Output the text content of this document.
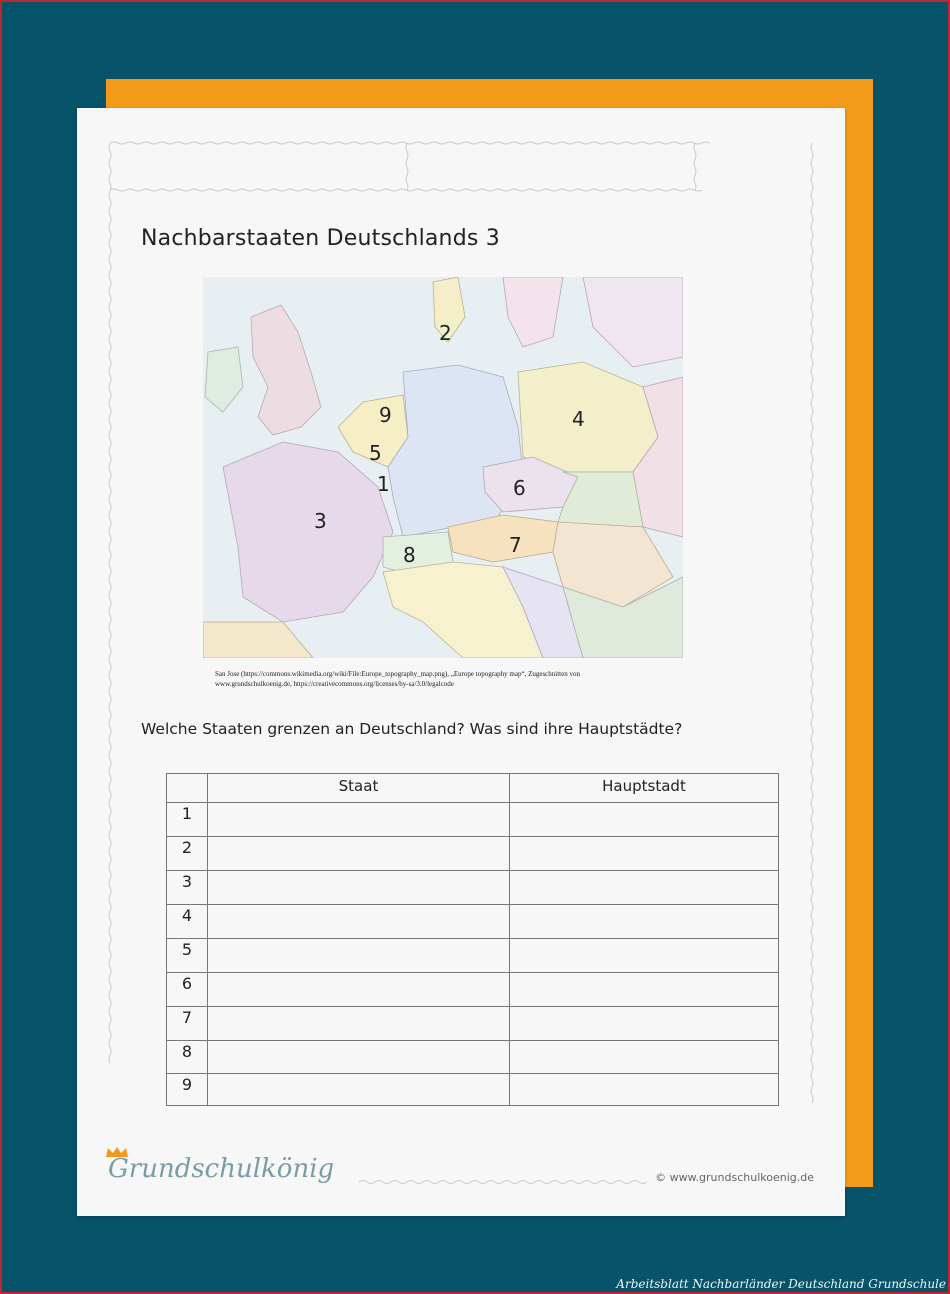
Nachbarstaaten Deutschlands 3
2
9	4
5
1	6
3
7
8
San Jose (https://commons.wikimedia.org/wiki/File:Europe_topography_map.png), „Europe topography map“, Zugeschnitten von
www.grundschulkoenig.de, https://creativecommons.org/licenses/by-sa/3.0/legalcode
Welche Staaten grenzen an Deutschland? Was sind ihre Hauptstädte?
Staat	Hauptstadt
1
2
3
4
5
6
7
8
9
Grundschulkönig	© www.grundschulkoenig.de
Arbeitsblatt Nachbarländer Deutschland Grundschule
